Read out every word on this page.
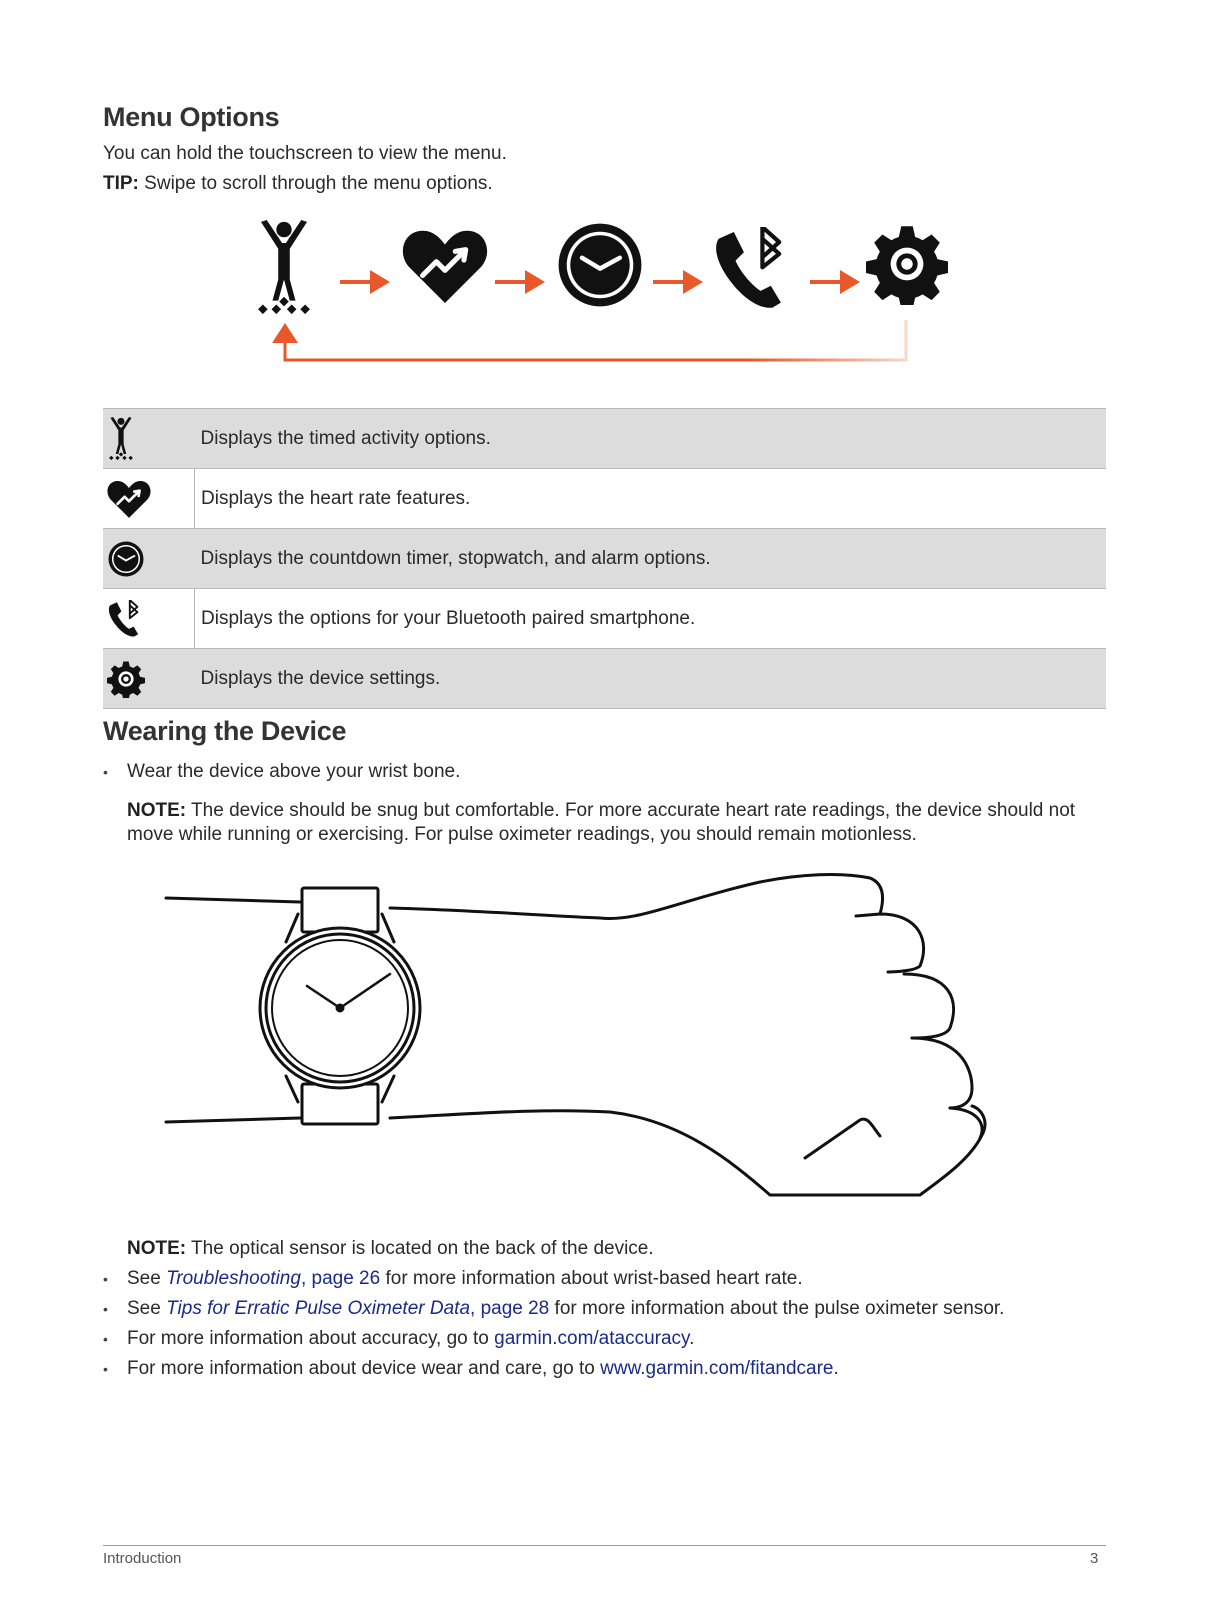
Menu Options
You can hold the touchscreen to view the menu.
TIP: Swipe to scroll through the menu options.
	Displays the timed activity options.

	Displays the heart rate features.

	Displays the countdown timer, stopwatch, and alarm options.

	Displays the options for your Bluetooth paired smartphone.

	Displays the device settings.
Wearing the Device
• Wear the device above your wrist bone.
NOTE: The device should be snug but comfortable. For more accurate heart rate readings, the device should not move while running or exercising. For pulse oximeter readings, you should remain motionless.
NOTE: The optical sensor is located on the back of the device.
• See Troubleshooting, page 26 for more information about wrist-based heart rate.
• See Tips for Erratic Pulse Oximeter Data, page 28 for more information about the pulse oximeter sensor.
• For more information about accuracy, go to garmin.com/ataccuracy.
• For more information about device wear and care, go to www.garmin.com/fitandcare.
Introduction	3
